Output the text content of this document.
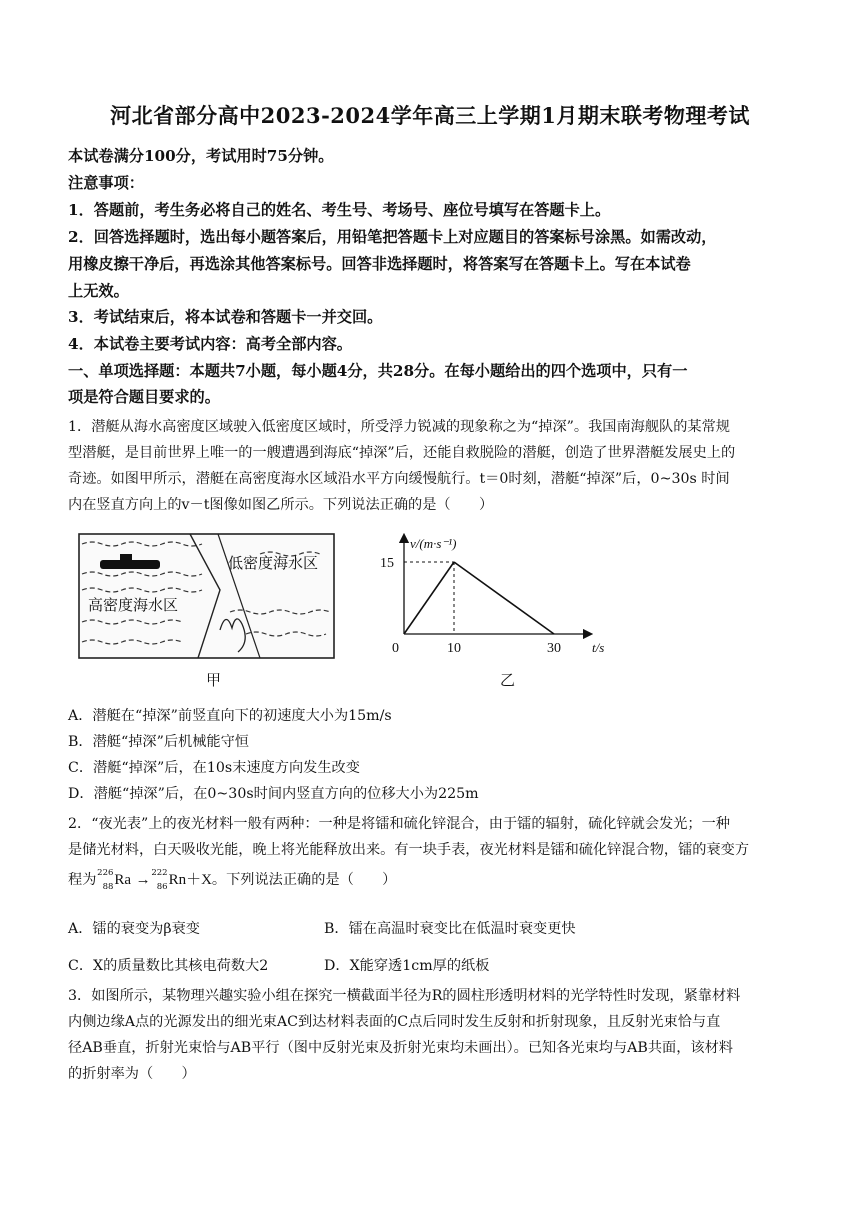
河北省部分高中2023-2024学年高三上学期1月期末联考物理考试
本试卷满分100分，考试用时75分钟。
注意事项：
1．答题前，考生务必将自己的姓名、考生号、考场号、座位号填写在答题卡上。
2．回答选择题时，选出每小题答案后，用铅笔把答题卡上对应题目的答案标号涂黑。如需改动，
用橡皮擦干净后，再选涂其他答案标号。回答非选择题时，将答案写在答题卡上。写在本试卷
上无效。
3．考试结束后，将本试卷和答题卡一并交回。
4．本试卷主要考试内容：高考全部内容。
一、单项选择题：本题共7小题，每小题4分，共28分。在每小题给出的四个选项中，只有一
项是符合题目要求的。
1．潜艇从海水高密度区域驶入低密度区域时，所受浮力锐减的现象称之为“掉深”。我国南海舰队的某常规
型潜艇，是目前世界上唯一的一艘遭遇到海底“掉深”后，还能自救脱险的潜艇，创造了世界潜艇发展史上的
奇迹。如图甲所示，潜艇在高密度海水区域沿水平方向缓慢航行。t＝0时刻，潜艇“掉深”后，0~30s 时间
内在竖直方向上的v－t图像如图乙所示。下列说法正确的是（　　）
低密度海水区
高密度海水区
甲
0	10	30
15
v/(m·s⁻¹)
t/s
乙
A．潜艇在“掉深”前竖直向下的初速度大小为15m/s
B．潜艇“掉深”后机械能守恒
C．潜艇“掉深”后，在10s末速度方向发生改变
D．潜艇“掉深”后，在0~30s时间内竖直方向的位移大小为225m
2．“夜光表”上的夜光材料一般有两种：一种是将镭和硫化锌混合，由于镭的辐射，硫化锌就会发光；一种
是储光材料，白天吸收光能，晚上将光能释放出来。有一块手表，夜光材料是镭和硫化锌混合物，镭的衰变方
程为 226
88 Ra → 222
86 Rn＋X。下列说法正确的是（　　）
A．镭的衰变为β衰变	B．镭在高温时衰变比在低温时衰变更快
C．X的质量数比其核电荷数大2	D．X能穿透1cm厚的纸板
3．如图所示，某物理兴趣实验小组在探究一横截面半径为R的圆柱形透明材料的光学特性时发现，紧靠材料
内侧边缘A点的光源发出的细光束AC到达材料表面的C点后同时发生反射和折射现象，且反射光束恰与直
径AB垂直，折射光束恰与AB平行（图中反射光束及折射光束均未画出）。已知各光束均与AB共面，该材料
的折射率为（　　）
